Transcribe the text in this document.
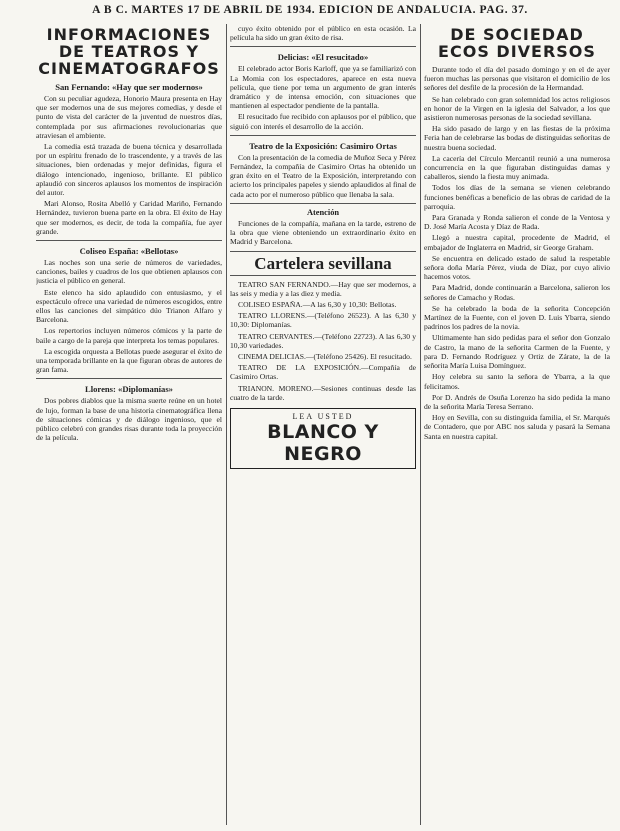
A B C. MARTES 17 DE ABRIL DE 1934. EDICION DE ANDALUCIA. PAG. 37.
INFORMACIONES DE TEATROS Y CINEMATOGRAFOS
San Fernando: «Hay que ser modernos»

Con su peculiar agudeza, Honorio Maura presenta en Hay que ser modernos una de sus mejores comedias, y desde el punto de vista del carácter de la juventud de nuestros días, contemplada por sus afirmaciones revolucionarias que atraviesan el ambiente.

La comedia está trazada de buena técnica y desarrollada por un espíritu frenado de lo trascendente, y a través de las situaciones, bien ordenadas y mejor definidas, figura el diálogo intencionado, ingenioso, brillante. El público aplaudió con sinceros aplausos los momentos de inspiración del autor.

Mari Alonso, Rosita Abelló y Caridad Mariño, Fernando Hernández, tuvieron buena parte en la obra. El éxito de Hay que ser modernos, es decir, de toda la compañía, fue ayer grande.

Coliseo España: «Bellotas»

Las noches son una serie de números de variedades, canciones, bailes y cuadros de los que obtienen aplausos con justicia el público en general.

Este elenco ha sido aplaudido con entusiasmo, y el espectáculo ofrece una variedad de números escogidos, entre ellos las canciones del simpático dúo Trianon Alfaro y Barcelona.

Los repertorios incluyen números cómicos y la parte de baile a cargo de la pareja que interpreta los temas populares.

La escogida orquesta a Bellotas puede asegurar el éxito de una temporada brillante en la que figuran obras de autores de gran fama.

Llorens: «Diplomanías»

Dos pobres diablos que la misma suerte reúne en un hotel de lujo, forman la base de una historia cinematográfica llena de situaciones cómicas y de diálogo ingenioso, que el público celebró con grandes risas durante toda la proyección de la película.

cuyo éxito obtenido por el público en esta ocasión. La película ha sido un gran éxito de risa.

Delicias: «El resucitado»

El celebrado actor Boris Karloff, que ya se familiarizó con La Momia con los espectadores, aparece en esta nueva película, que tiene por tema un argumento de gran interés dramático y de intensa emoción, con situaciones que mantienen al espectador pendiente de la pantalla.

El resucitado fue recibido con aplausos por el público, que siguió con interés el desarrollo de la acción.

Teatro de la Exposición: Casimiro Ortas

Con la presentación de la comedia de Muñoz Seca y Pérez Fernández, la compañía de Casimiro Ortas ha obtenido un gran éxito en el Teatro de la Exposición, interpretando con acierto los principales papeles y siendo aplaudidos al final de cada acto por el numeroso público que llenaba la sala.

Atención

Funciones de la compañía, mañana en la tarde, estreno de la obra que viene obteniendo un extraordinario éxito en Madrid y Barcelona.

Cartelera sevillana

TEATRO SAN FERNANDO.—Hay que ser modernos, a las seis y media y a las diez y media.

COLISEO ESPAÑA.—A las 6,30 y 10,30: Bellotas.

TEATRO LLORENS.—(Teléfono 26523). A las 6,30 y 10,30: Diplomanías.

TEATRO CERVANTES.—(Teléfono 22723). A las 6,30 y 10,30 variedades.

CINEMA DELICIAS.—(Teléfono 25426). El resucitado.

TEATRO DE LA EXPOSICIÓN.—Compañía de Casimiro Ortas.

TRIANON. MORENO.—Sesiones continuas desde las cuatro de la tarde.

LEA USTED
BLANCO Y NEGRO
DE SOCIEDAD ECOS DIVERSOS

Durante todo el día del pasado domingo y en el de ayer fueron muchas las personas que visitaron el domicilio de los señores del desfile de la procesión de la Hermandad.

Se han celebrado con gran solemnidad los actos religiosos en honor de la Virgen en la iglesia del Salvador, a los que asistieron numerosas personas de la sociedad sevillana.

Ha sido pasado de largo y en las fiestas de la próxima Feria han de celebrarse las bodas de distinguidas señoritas de nuestra buena sociedad.

La cacería del Círculo Mercantil reunió a una numerosa concurrencia en la que figuraban distinguidas damas y caballeros, siendo la fiesta muy animada.

Todos los días de la semana se vienen celebrando funciones benéficas a beneficio de las obras de caridad de la parroquia.

Para Granada y Ronda salieron el conde de la Ventosa y D. José María Acosta y Díaz de Rada.

Llegó a nuestra capital, procedente de Madrid, el embajador de Inglaterra en Madrid, sir George Graham.

Se encuentra en delicado estado de salud la respetable señora doña María Pérez, viuda de Díaz, por cuyo alivio hacemos votos.

Para Madrid, donde continuarán a Barcelona, salieron los señores de Camacho y Rodas.

Se ha celebrado la boda de la señorita Concepción Martínez de la Fuente, con el joven D. Luis Ybarra, siendo padrinos los padres de la novia.

Ultimamente han sido pedidas para el señor don Gonzalo de Castro, la mano de la señorita Carmen de la Fuente, y para D. Fernando Rodríguez y Ortiz de Zárate, la de la señorita María Luisa Domínguez.

Hoy celebra su santo la señora de Ybarra, a la que felicitamos.

Por D. Andrés de Osuña Lorenzo ha sido pedida la mano de la señorita María Teresa Serrano.

Hoy en Sevilla, con su distinguida familia, el Sr. Marqués de Contadero, que por ABC nos saluda y pasará la Semana Santa en nuestra capital.
